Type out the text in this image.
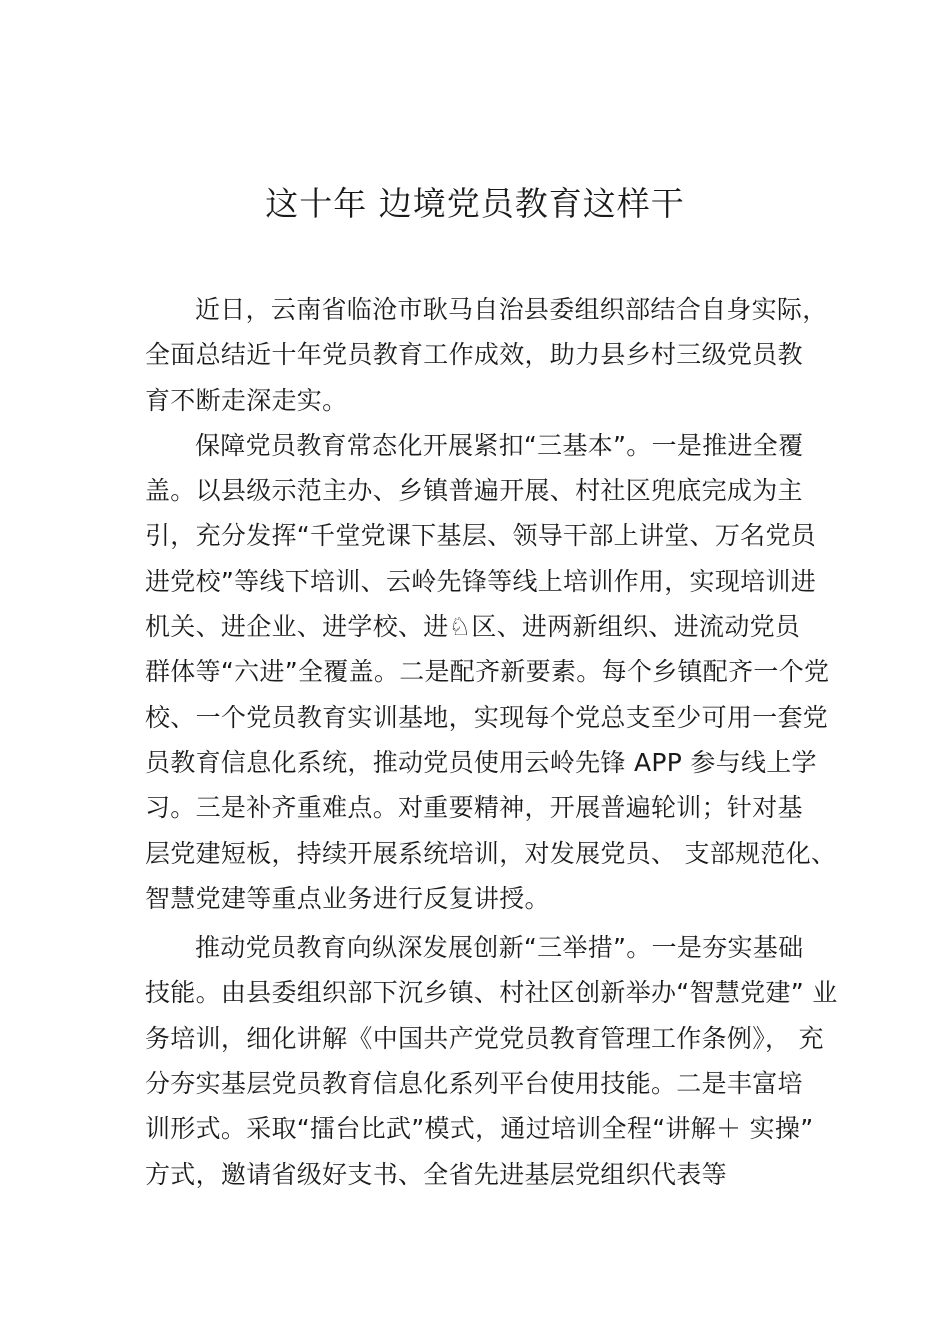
这十年 边境党员教育这样干
近日，云南省临沧市耿马自治县委组织部结合自身实际，
全面总结近十年党员教育工作成效，助力县乡村三级党员教
育不断走深走实。
保障党员教育常态化开展紧扣“三基本”。一是推进全覆
盖。以县级示范主办、乡镇普遍开展、村社区兜底完成为主
引，充分发挥“千堂党课下基层、领导干部上讲堂、万名党员
进党校”等线下培训、云岭先锋等线上培训作用，实现培训进
机关、进企业、进学校、进♘区、进两新组织、进流动党员
群体等“六进”全覆盖。二是配齐新要素。每个乡镇配齐一个党
校、一个党员教育实训基地，实现每个党总支至少可用一套党
员教育信息化系统，推动党员使用云岭先锋 APP 参与线上学
习。三是补齐重难点。对重要精神，开展普遍轮训；针对基
层党建短板，持续开展系统培训，对发展党员、 支部规范化、
智慧党建等重点业务进行反复讲授。
推动党员教育向纵深发展创新“三举措”。一是夯实基础
技能。由县委组织部下沉乡镇、村社区创新举办“智慧党建” 业
务培训，细化讲解《中国共产党党员教育管理工作条例》， 充
分夯实基层党员教育信息化系列平台使用技能。二是丰富培
训形式。采取“擂台比武”模式，通过培训全程“讲解＋ 实操”
方式，邀请省级好支书、全省先进基层党组织代表等
